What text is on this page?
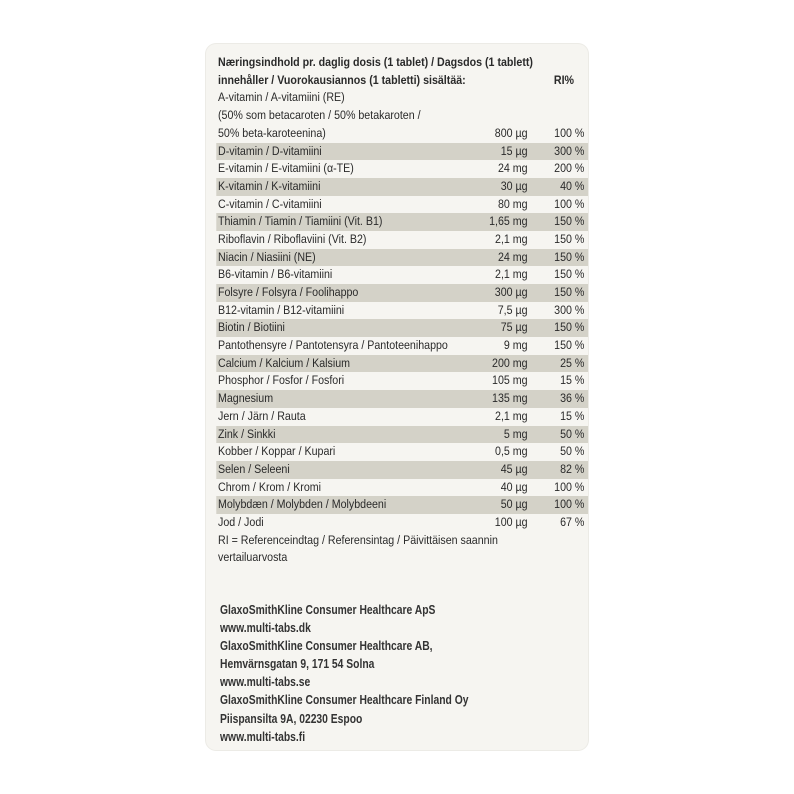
Næringsindhold pr. daglig dosis (1 tablet) / Dagsdos (1 tablett)
innehåller / Vuorokausiannos (1 tabletti) sisältää:	RI%
A-vitamin / A-vitamiini (RE)
(50% som betacaroten / 50% betakaroten /
50% beta-karoteenina)	800 µg	100 %
D-vitamin / D-vitamiini	15 µg	300 %
E-vitamin / E-vitamiini (α-TE)	24 mg	200 %
K-vitamin / K-vitamiini	30 µg	40 %
C-vitamin / C-vitamiini	80 mg	100 %
Thiamin / Tiamin / Tiamiini (Vit. B1)	1,65 mg	150 %
Riboflavin / Riboflaviini (Vit. B2)	2,1 mg	150 %
Niacin / Niasiini (NE)	24 mg	150 %
B6-vitamin / B6-vitamiini	2,1 mg	150 %
Folsyre / Folsyra / Foolihappo	300 µg	150 %
B12-vitamin / B12-vitamiini	7,5 µg	300 %
Biotin / Biotiini	75 µg	150 %
Pantothensyre / Pantotensyra / Pantoteenihappo	9 mg	150 %
Calcium / Kalcium / Kalsium	200 mg	25 %
Phosphor / Fosfor / Fosfori	105 mg	15 %
Magnesium	135 mg	36 %
Jern / Järn / Rauta	2,1 mg	15 %
Zink / Sinkki	5 mg	50 %
Kobber / Koppar / Kupari	0,5 mg	50 %
Selen / Seleeni	45 µg	82 %
Chrom / Krom / Kromi	40 µg	100 %
Molybdæn / Molybden / Molybdeeni	50 µg	100 %
Jod / Jodi	100 µg	67 %
RI = Referenceindtag / Referensintag / Päivittäisen saannin
vertailuarvosta
GlaxoSmithKline Consumer Healthcare ApS
www.multi-tabs.dk
GlaxoSmithKline Consumer Healthcare AB,
Hemvärnsgatan 9, 171 54 Solna
www.multi-tabs.se
GlaxoSmithKline Consumer Healthcare Finland Oy
Piispansilta 9A, 02230 Espoo
www.multi-tabs.fi
